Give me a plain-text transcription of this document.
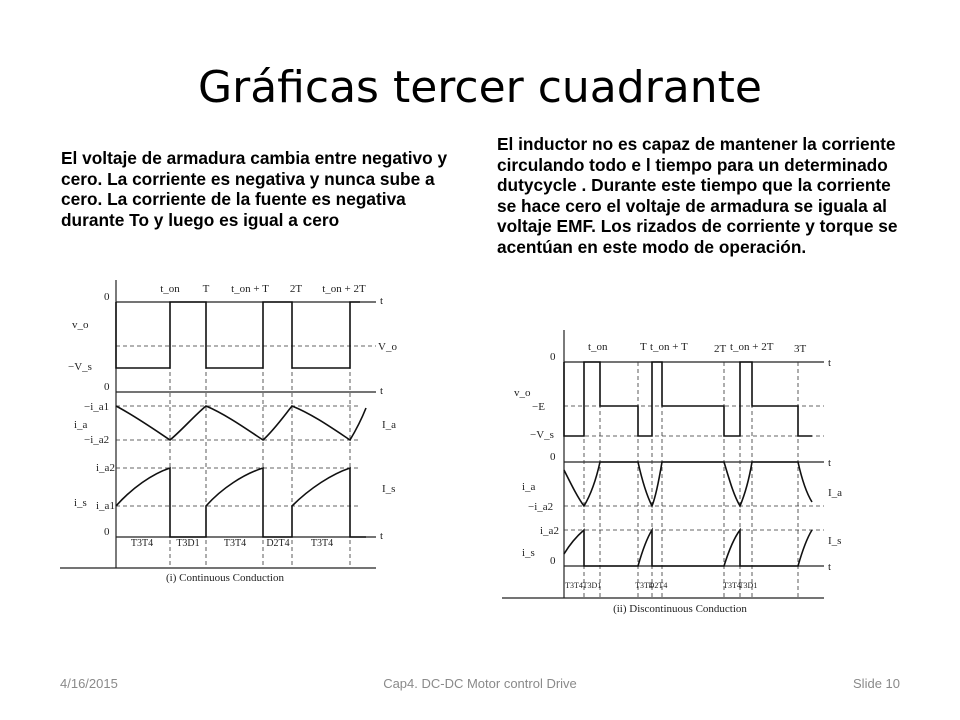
Gráficas tercer cuadrante

El voltaje de armadura cambia entre negativo y cero. La corriente es negativa y nunca sube a cero. La corriente de la fuente es negativa durante To y luego es igual a cero

El inductor no es capaz de mantener la corriente circulando todo e l tiempo para un determinado dutycycle . Durante este tiempo que la corriente se hace cero el voltaje de armadura se iguala al voltaje EMF. Los rizados de corriente y torque se acentúan en este modo de operación.

t_on T t_on + T 2T t_on + 2T
t
t
t
0
v_o
−V_s
V_o
0
i_a
−i_a1
−i_a2
I_a
i_a2
i_s i_a1
I_s
0
T3T4 T3D1 T3T4 D2T4 T3T4
(i) Continuous Conduction
t_on	T t_on + T 2T t_on + 2T 3T
t
t
t
0
v_o
−E
−V_s
0
i_a
−i_a2
I_a
i_a2
i_s
I_s
0
T3T4 T3D1	T3T4
D2T4	T3T4
T3D1
(ii) Discontinuous Conduction
4/16/2015	Cap4. DC-DC Motor control Drive	Slide 10
